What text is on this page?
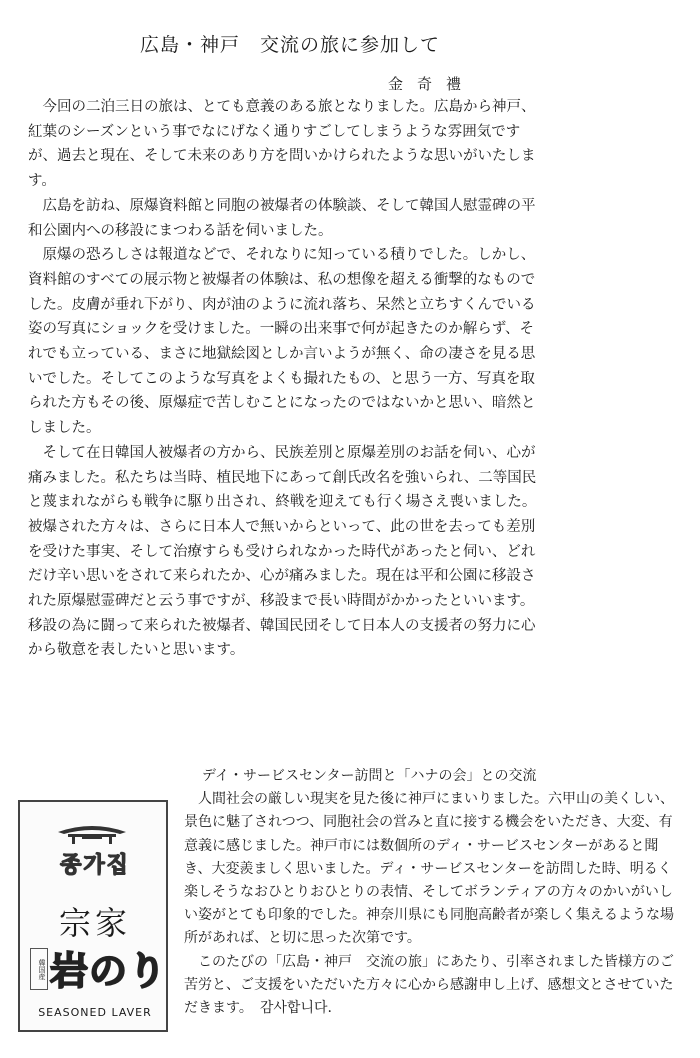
広島・神戸　交流の旅に参加して
金奇禮

今回の二泊三日の旅は、とても意義のある旅となりました。広島から神戸、紅葉のシーズンという事でなにげなく通りすごしてしまうような雰囲気ですが、過去と現在、そして未来のあり方を問いかけられたような思いがいたします。

広島を訪ね、原爆資料館と同胞の被爆者の体験談、そして韓国人慰霊碑の平和公園内への移設にまつわる話を伺いました。

原爆の恐ろしさは報道などで、それなりに知っている積りでした。しかし、資料館のすべての展示物と被爆者の体験は、私の想像を超える衝撃的なものでした。皮膚が垂れ下がり、肉が油のように流れ落ち、呆然と立ちすくんでいる姿の写真にショックを受けました。一瞬の出来事で何が起きたのか解らず、それでも立っている、まさに地獄絵図としか言いようが無く、命の凄さを見る思いでした。そしてこのような写真をよくも撮れたもの、と思う一方、写真を取られた方もその後、原爆症で苦しむことになったのではないかと思い、暗然としました。

そして在日韓国人被爆者の方から、民族差別と原爆差別のお話を伺い、心が痛みました。私たちは当時、植民地下にあって創氏改名を強いられ、二等国民と蔑まれながらも戦争に駆り出され、終戦を迎えても行く場さえ喪いました。被爆された方々は、さらに日本人で無いからといって、此の世を去っても差別を受けた事実、そして治療すらも受けられなかった時代があったと伺い、どれだけ辛い思いをされて来られたか、心が痛みました。現在は平和公園に移設された原爆慰霊碑だと云う事ですが、移設まで長い時間がかかったといいます。移設の為に闘って来られた被爆者、韓国民団そして日本人の支援者の努力に心から敬意を表したいと思います。

종가집
宗家
韓国産 岩のり
SEASONED LAVER
デイ・サービスセンター訪問と「ハナの会」との交流

人間社会の厳しい現実を見た後に神戸にまいりました。六甲山の美くしい、景色に魅了されつつ、同胞社会の営みと直に接する機会をいただき、大変、有意義に感じました。神戸市には数個所のディ・サービスセンターがあると聞き、大変羨ましく思いました。ディ・サービスセンターを訪問した時、明るく楽しそうなおひとりおひとりの表情、そしてボランティアの方々のかいがいしい姿がとても印象的でした。神奈川県にも同胞高齢者が楽しく集えるような場所があれば、と切に思った次第です。

このたびの「広島・神戸　交流の旅」にあたり、引率されました皆様方のご苦労と、ご支援をいただいた方々に心から感謝申し上げ、感想文とさせていただきます。　감사합니다.
